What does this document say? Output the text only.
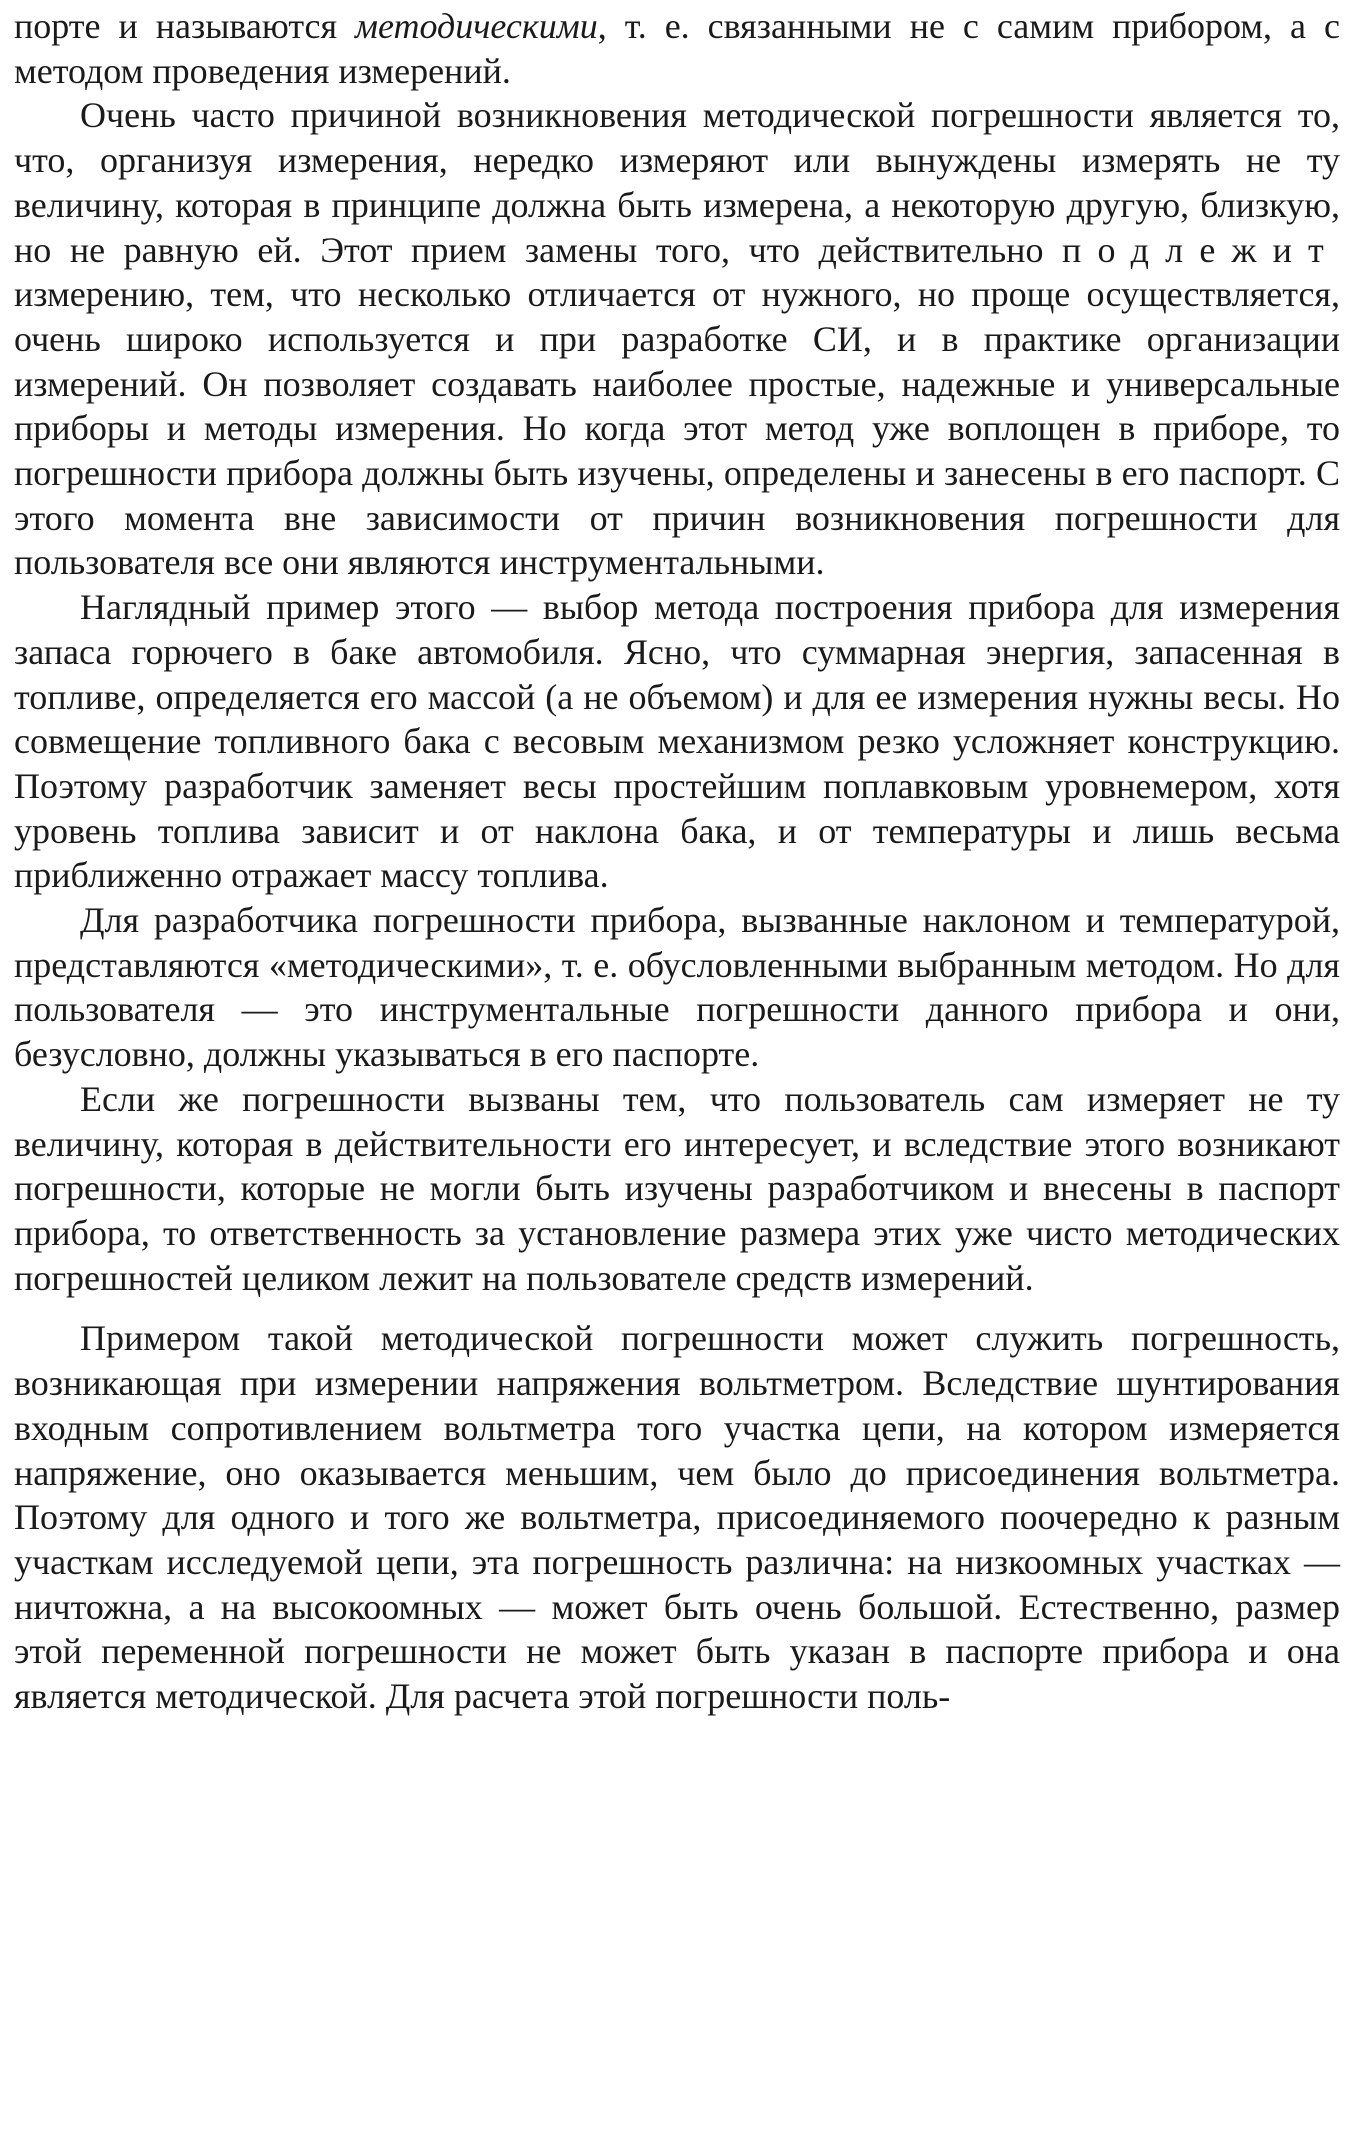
порте и называются методическими, т. е. связанными не с самим прибором, а с методом проведения измерений.

Очень часто причиной возникновения методической погрешности является то, что, организуя измерения, нередко измеряют или вынуждены измерять не ту величину, которая в принципе должна быть измерена, а некоторую другую, близкую, но не равную ей. Этот прием замены того, что действительно подлежит измерению, тем, что несколько отличается от нужного, но проще осуществляется, очень широко используется и при разработке СИ, и в практике организации измерений. Он позволяет создавать наиболее простые, надежные и универсальные приборы и методы измерения. Но когда этот метод уже воплощен в приборе, то погрешности прибора должны быть изучены, определены и занесены в его паспорт. С этого момента вне зависимости от причин возникновения погрешности для пользователя все они являются инструментальными.

Наглядный пример этого — выбор метода построения прибора для измерения запаса горючего в баке автомобиля. Ясно, что суммарная энергия, запасенная в топливе, определяется его массой (а не объемом) и для ее измерения нужны весы. Но совмещение топливного бака с весовым механизмом резко усложняет конструкцию. Поэтому разработчик заменяет весы простейшим поплавковым уровнемером, хотя уровень топлива зависит и от наклона бака, и от температуры и лишь весьма приближенно отражает массу топлива.

Для разработчика погрешности прибора, вызванные наклоном и температурой, представляются «методическими», т. е. обусловленными выбранным методом. Но для пользователя — это инструментальные погрешности данного прибора и они, безусловно, должны указываться в его паспорте.

Если же погрешности вызваны тем, что пользователь сам измеряет не ту величину, которая в действительности его интересует, и вследствие этого возникают погрешности, которые не могли быть изучены разработчиком и внесены в паспорт прибора, то ответственность за установление размера этих уже чисто методических погрешностей целиком лежит на пользователе средств измерений.

Примером такой методической погрешности может служить погрешность, возникающая при измерении напряжения вольтметром. Вследствие шунтирования входным сопротивлением вольтметра того участка цепи, на котором измеряется напряжение, оно оказывается меньшим, чем было до присоединения вольтметра. Поэтому для одного и того же вольтметра, присоединяемого поочередно к разным участкам исследуемой цепи, эта погрешность различна: на низкоомных участках — ничтожна, а на высокоомных — может быть очень большой. Естественно, размер этой переменной погрешности не может быть указан в паспорте прибора и она является методической. Для расчета этой погрешности поль-
